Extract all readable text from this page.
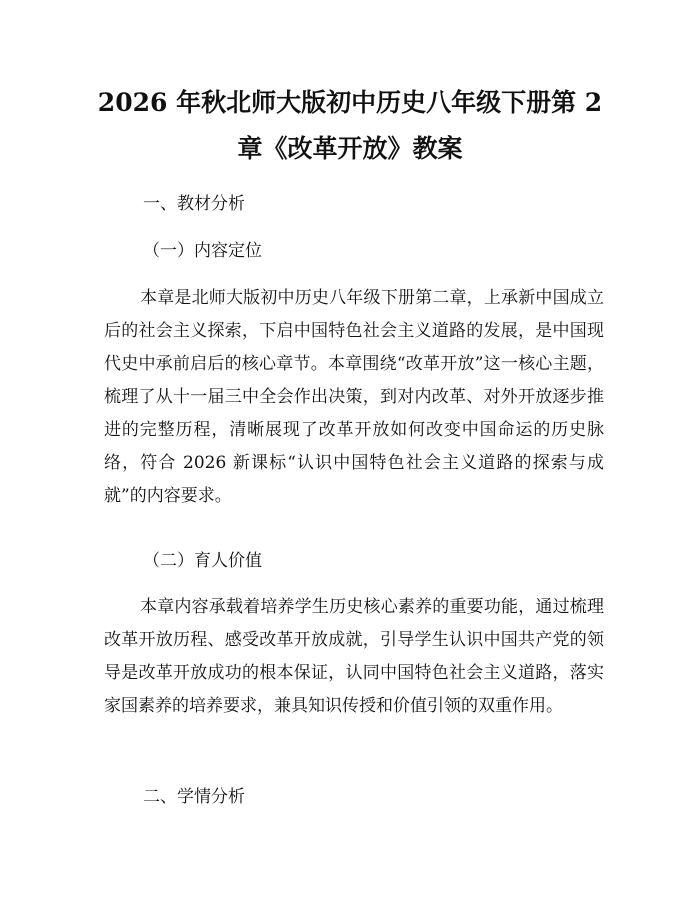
2026 年秋北师大版初中历史八年级下册第 2
章《改革开放》教案
一、教材分析
（一）内容定位
本章是北师大版初中历史八年级下册第二章，上承新中国成立后的社会主义探索，下启中国特色社会主义道路的发展，是中国现代史中承前启后的核心章节。本章围绕“改革开放”这一核心主题，梳理了从十一届三中全会作出决策，到对内改革、对外开放逐步推进的完整历程，清晰展现了改革开放如何改变中国命运的历史脉络，符合 2026 新课标“认识中国特色社会主义道路的探索与成就”的内容要求。
（二）育人价值
本章内容承载着培养学生历史核心素养的重要功能，通过梳理改革开放历程、感受改革开放成就，引导学生认识中国共产党的领导是改革开放成功的根本保证，认同中国特色社会主义道路，落实家国素养的培养要求，兼具知识传授和价值引领的双重作用。
二、学情分析
